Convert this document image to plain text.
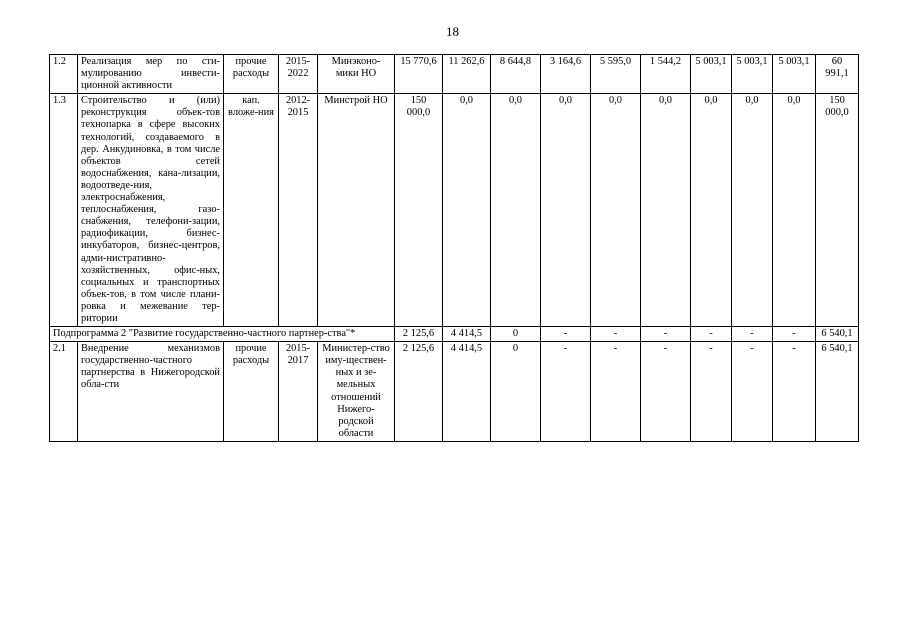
18
1.2	Реализация мер по сти-мулированию инвести-ционной активности	прочие расходы	2015-2022	Минэконо-мики НО	15 770,6	11 262,6	8 644,8	3 164,6	5 595,0	1 544,2	5 003,1	5 003,1	5 003,1	60 991,1
1.3	Строительство и (или) реконструкция объек-тов технопарка в сфере высоких технологий, создаваемого в дер. Анкудиновка, в том числе объектов сетей водоснабжения, кана-лизации, водоотведе-ния, электроснабжения, теплоснабжения, газо-снабжения, телефони-зации, радиофикации, бизнес-инкубаторов, бизнес-центров, адми-нистративно-хозяйственных, офис-ных, социальных и транспортных объек-тов, в том числе плани-ровка и межевание тер-ритории	кап. вложе-ния	2012-2015	Минстрой НО	150 000,0	0,0	0,0	0,0	0,0	0,0	0,0	0,0	0,0	150 000,0
Подпрограмма 2 "Развитие государственно-частного партнер-ства"*					2 125,6	4 414,5	0	-	-	-	-	-	-	6 540,1
2.1	Внедрение механизмов государственно-частного партнерства в Нижегородской обла-сти	прочие расходы	2015-2017	Министер-ство иму-ществен-ных и зе-мельных отношений Нижего-родской области	2 125,6	4 414,5	0	-	-	-	-	-	-	6 540,1
